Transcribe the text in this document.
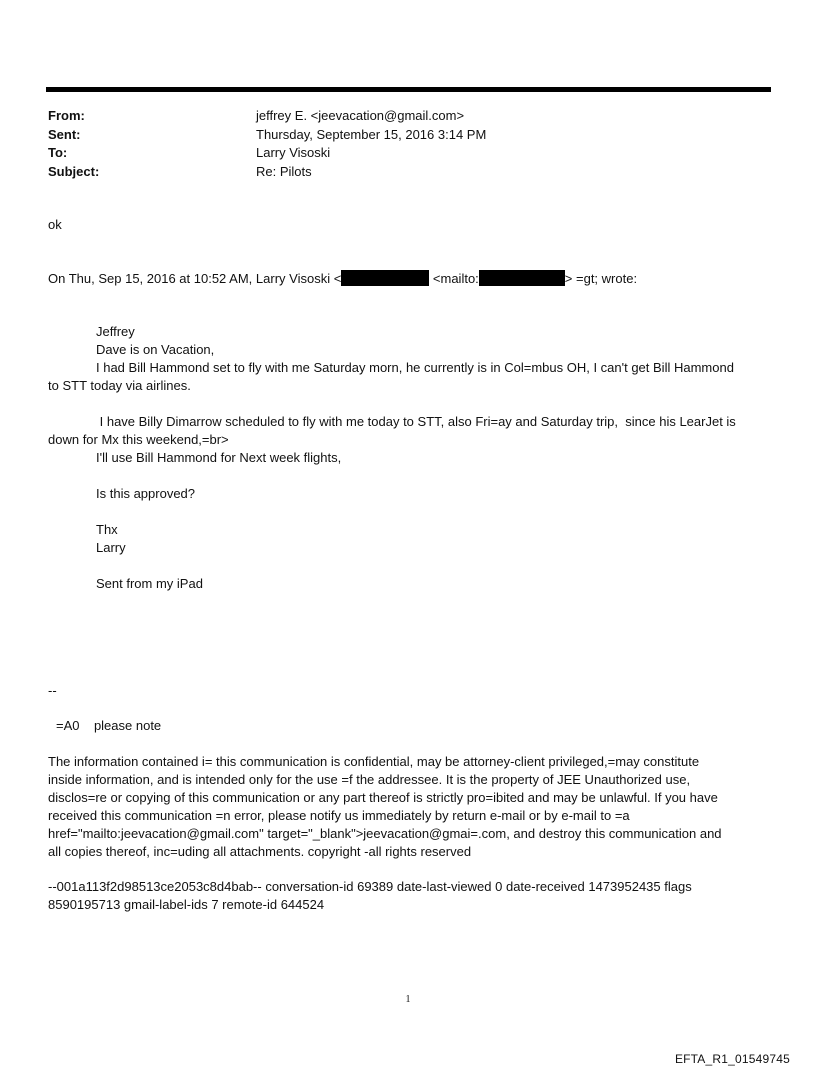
From:	jeffrey E. <jeevacation@gmail.com>
Sent:	Thursday, September 15, 2016 3:14 PM
To:	Larry Visoski
Subject:	Re: Pilots
ok
On Thu, Sep 15, 2016 at 10:52 AM, Larry Visoski <	<mailto:	> =gt; wrote:
Jeffrey
Dave is on Vacation,
I had Bill Hammond set to fly with me Saturday morn, he currently is in Col=mbus OH, I can't get Bill Hammond
to STT today via airlines.
I have Billy Dimarrow scheduled to fly with me today to STT, also Fri=ay and Saturday trip,  since his LearJet is
down for Mx this weekend,=br>
I'll use Bill Hammond for Next week flights,
Is this approved?
Thx
Larry
Sent from my iPad
--
=A0    please note
The information contained i= this communication is confidential, may be attorney-client privileged,=may constitute
inside information, and is intended only for the use =f the addressee. It is the property of JEE Unauthorized use,
disclos=re or copying of this communication or any part thereof is strictly pro=ibited and may be unlawful. If you have
received this communication =n error, please notify us immediately by return e-mail or by e-mail to =a
href="mailto:jeevacation@gmail.com" target="_blank">jeevacation@gmai=.com, and destroy this communication and
all copies thereof, inc=uding all attachments. copyright -all rights reserved
--001a113f2d98513ce2053c8d4bab-- conversation-id 69389 date-last-viewed 0 date-received 1473952435 flags
8590195713 gmail-label-ids 7 remote-id 644524
1
EFTA_R1_01549745
